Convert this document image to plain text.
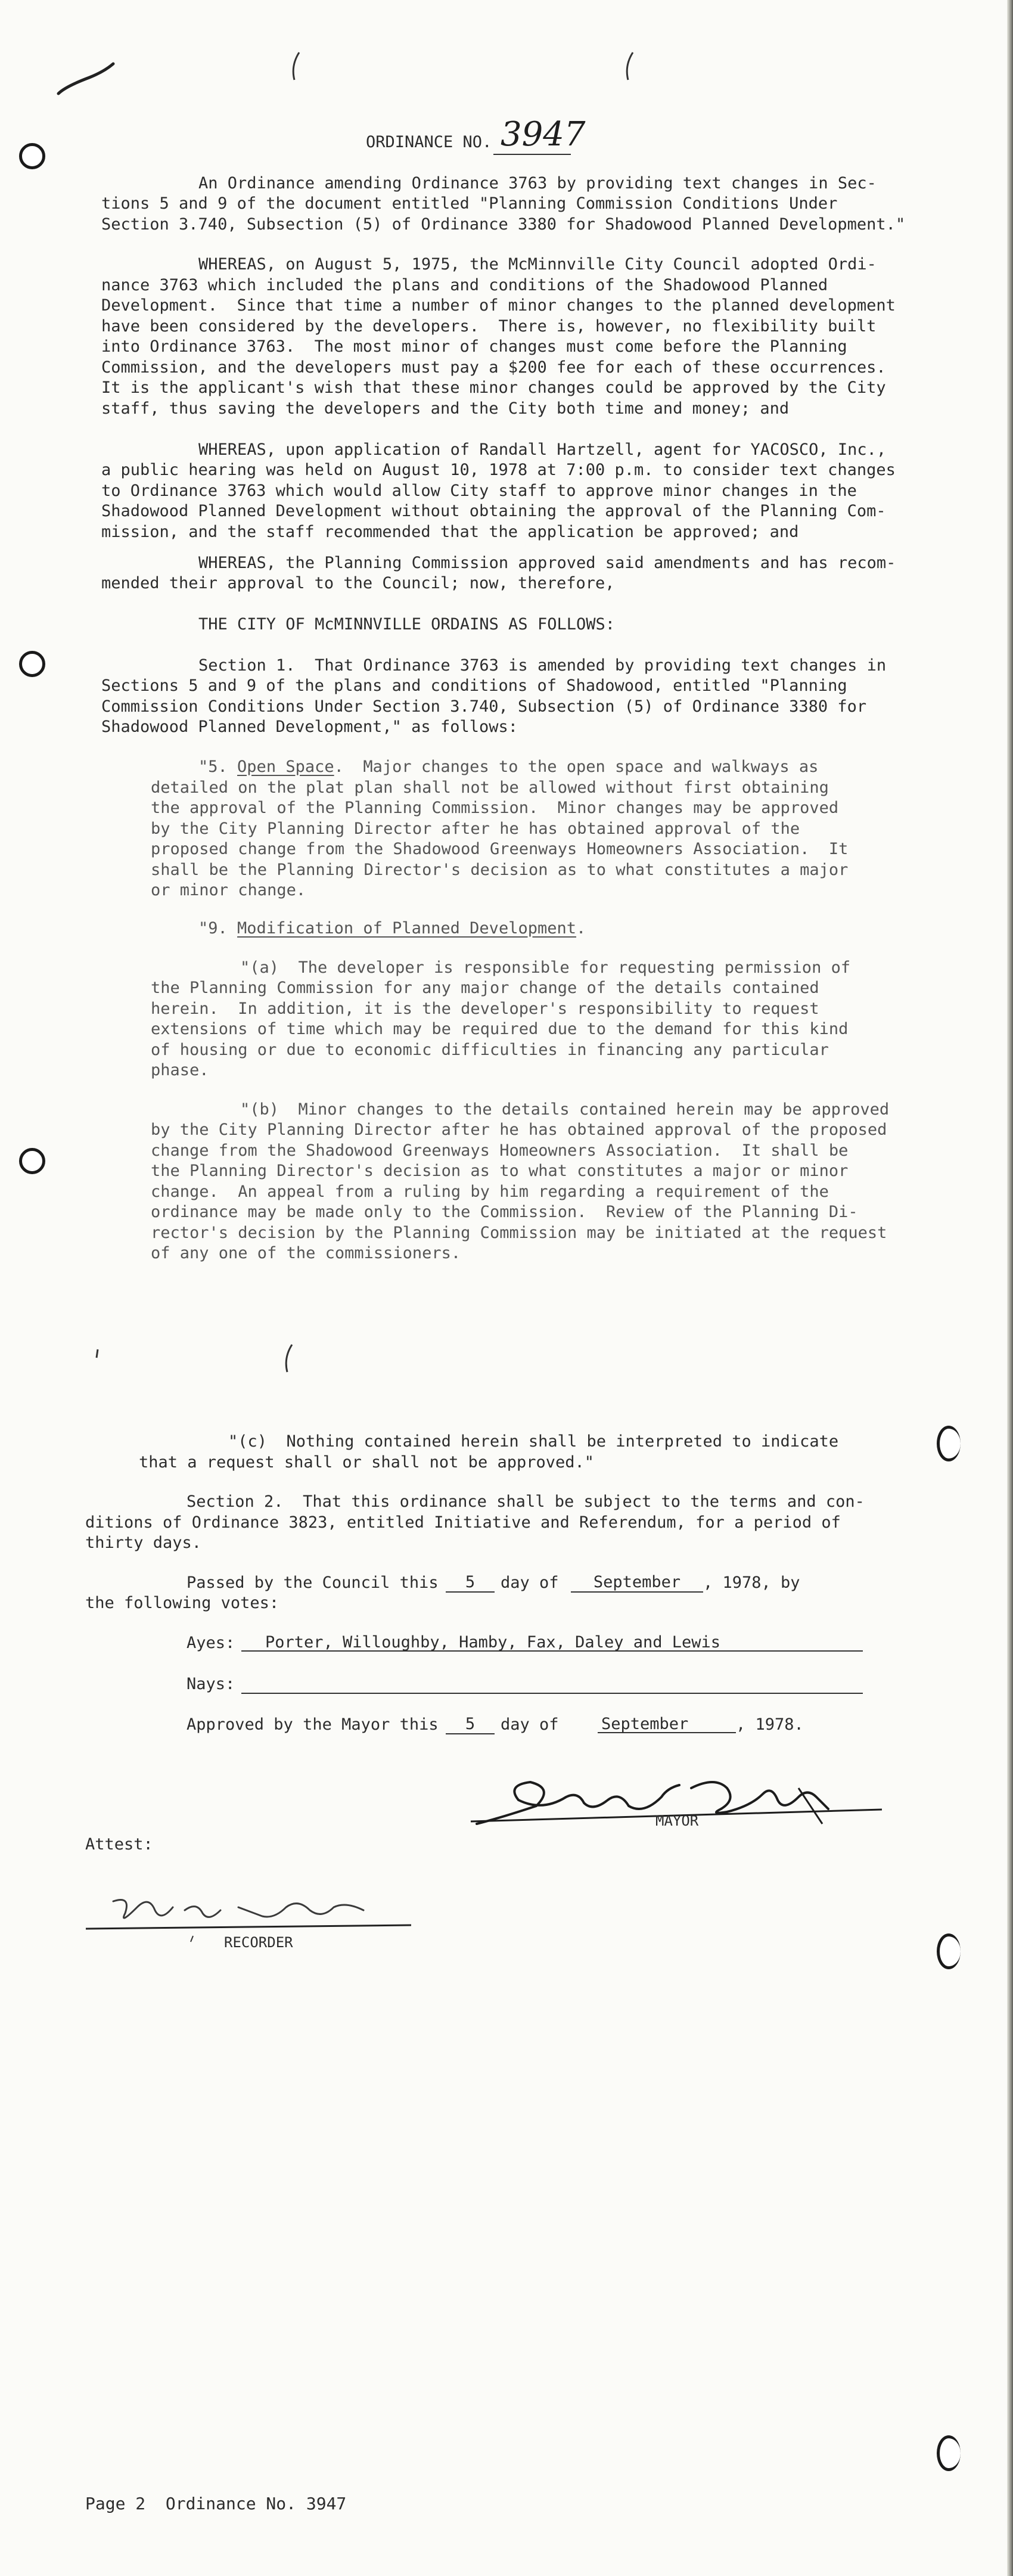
ORDINANCE NO. 3947
An Ordinance amending Ordinance 3763 by providing text changes in Sec-
tions 5 and 9 of the document entitled "Planning Commission Conditions Under
Section 3.740, Subsection (5) of Ordinance 3380 for Shadowood Planned Development."
WHEREAS, on August 5, 1975, the McMinnville City Council adopted Ordi-
nance 3763 which included the plans and conditions of the Shadowood Planned
Development.  Since that time a number of minor changes to the planned development
have been considered by the developers.  There is, however, no flexibility built
into Ordinance 3763.  The most minor of changes must come before the Planning
Commission, and the developers must pay a $200 fee for each of these occurrences.
It is the applicant's wish that these minor changes could be approved by the City
staff, thus saving the developers and the City both time and money; and
WHEREAS, upon application of Randall Hartzell, agent for YACOSCO, Inc.,
a public hearing was held on August 10, 1978 at 7:00 p.m. to consider text changes
to Ordinance 3763 which would allow City staff to approve minor changes in the
Shadowood Planned Development without obtaining the approval of the Planning Com-
mission, and the staff recommended that the application be approved; and
WHEREAS, the Planning Commission approved said amendments and has recom-
mended their approval to the Council; now, therefore,
THE CITY OF McMINNVILLE ORDAINS AS FOLLOWS:
Section 1.  That Ordinance 3763 is amended by providing text changes in
Sections 5 and 9 of the plans and conditions of Shadowood, entitled "Planning
Commission Conditions Under Section 3.740, Subsection (5) of Ordinance 3380 for
Shadowood Planned Development," as follows:
"5. Open Space.  Major changes to the open space and walkways as
detailed on the plat plan shall not be allowed without first obtaining
the approval of the Planning Commission.  Minor changes may be approved
by the City Planning Director after he has obtained approval of the
proposed change from the Shadowood Greenways Homeowners Association.  It
shall be the Planning Director's decision as to what constitutes a major
or minor change.
"9. Modification of Planned Development.
"(a)  The developer is responsible for requesting permission of
the Planning Commission for any major change of the details contained
herein.  In addition, it is the developer's responsibility to request
extensions of time which may be required due to the demand for this kind
of housing or due to economic difficulties in financing any particular
phase.
"(b)  Minor changes to the details contained herein may be approved
by the City Planning Director after he has obtained approval of the proposed
change from the Shadowood Greenways Homeowners Association.  It shall be
the Planning Director's decision as to what constitutes a major or minor
change.  An appeal from a ruling by him regarding a requirement of the
ordinance may be made only to the Commission.  Review of the Planning Di-
rector's decision by the Planning Commission may be initiated at the request
of any one of the commissioners.
"(c)  Nothing contained herein shall be interpreted to indicate
that a request shall or shall not be approved."
Section 2.  That this ordinance shall be subject to the terms and con-
ditions of Ordinance 3823, entitled Initiative and Referendum, for a period of
thirty days.
Passed by the Council this	5	day of	September	, 1978, by
the following votes:
Ayes:	Porter, Willoughby, Hamby, Fax, Daley and Lewis
Nays:
Approved by the Mayor this	5	day of	September	, 1978.
MAYOR
Attest:
RECORDER
Page 2  Ordinance No. 3947
